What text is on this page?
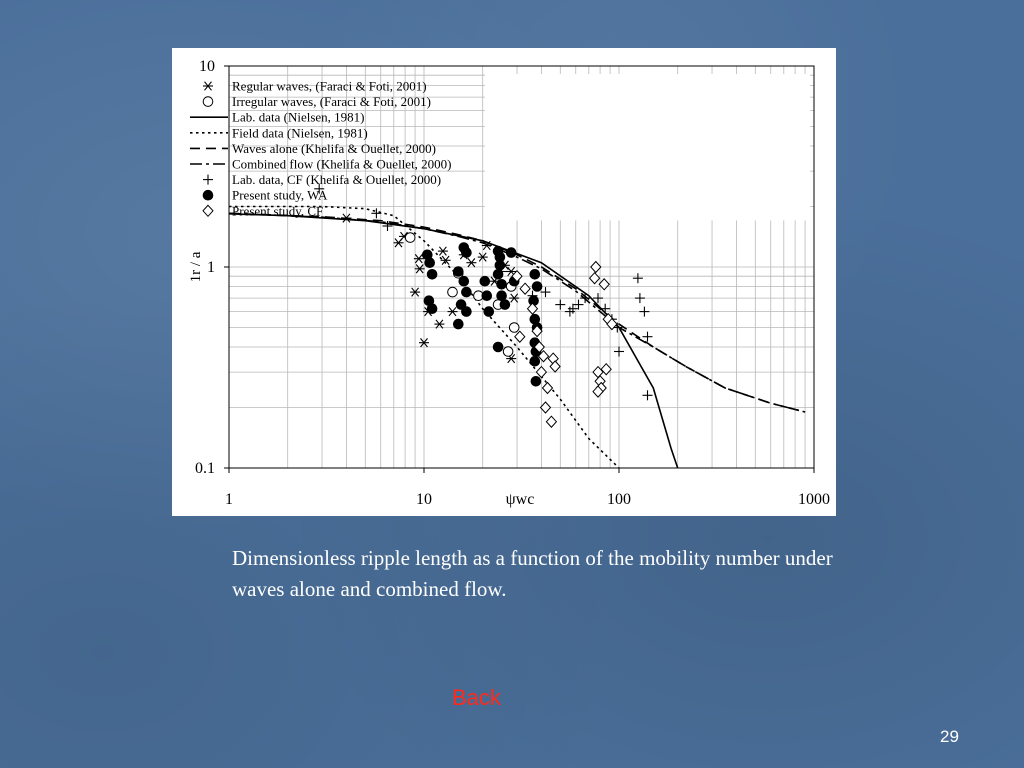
1	10	100	1000
0.1
1
10
Regular waves, (Faraci & Foti, 2001)
Irregular waves, (Faraci & Foti, 2001)
Lab. data (Nielsen, 1981)
Field data (Nielsen, 1981)
Waves alone (Khelifa & Ouellet, 2000)
Combined flow (Khelifa & Ouellet, 2000)
Lab. data, CF (Khelifa & Ouellet, 2000)
Present study, WA
Present study, CF
ψwc
1r / a
Dimensionless ripple length as a function of the mobility number under waves alone and combined flow.
Back
29
